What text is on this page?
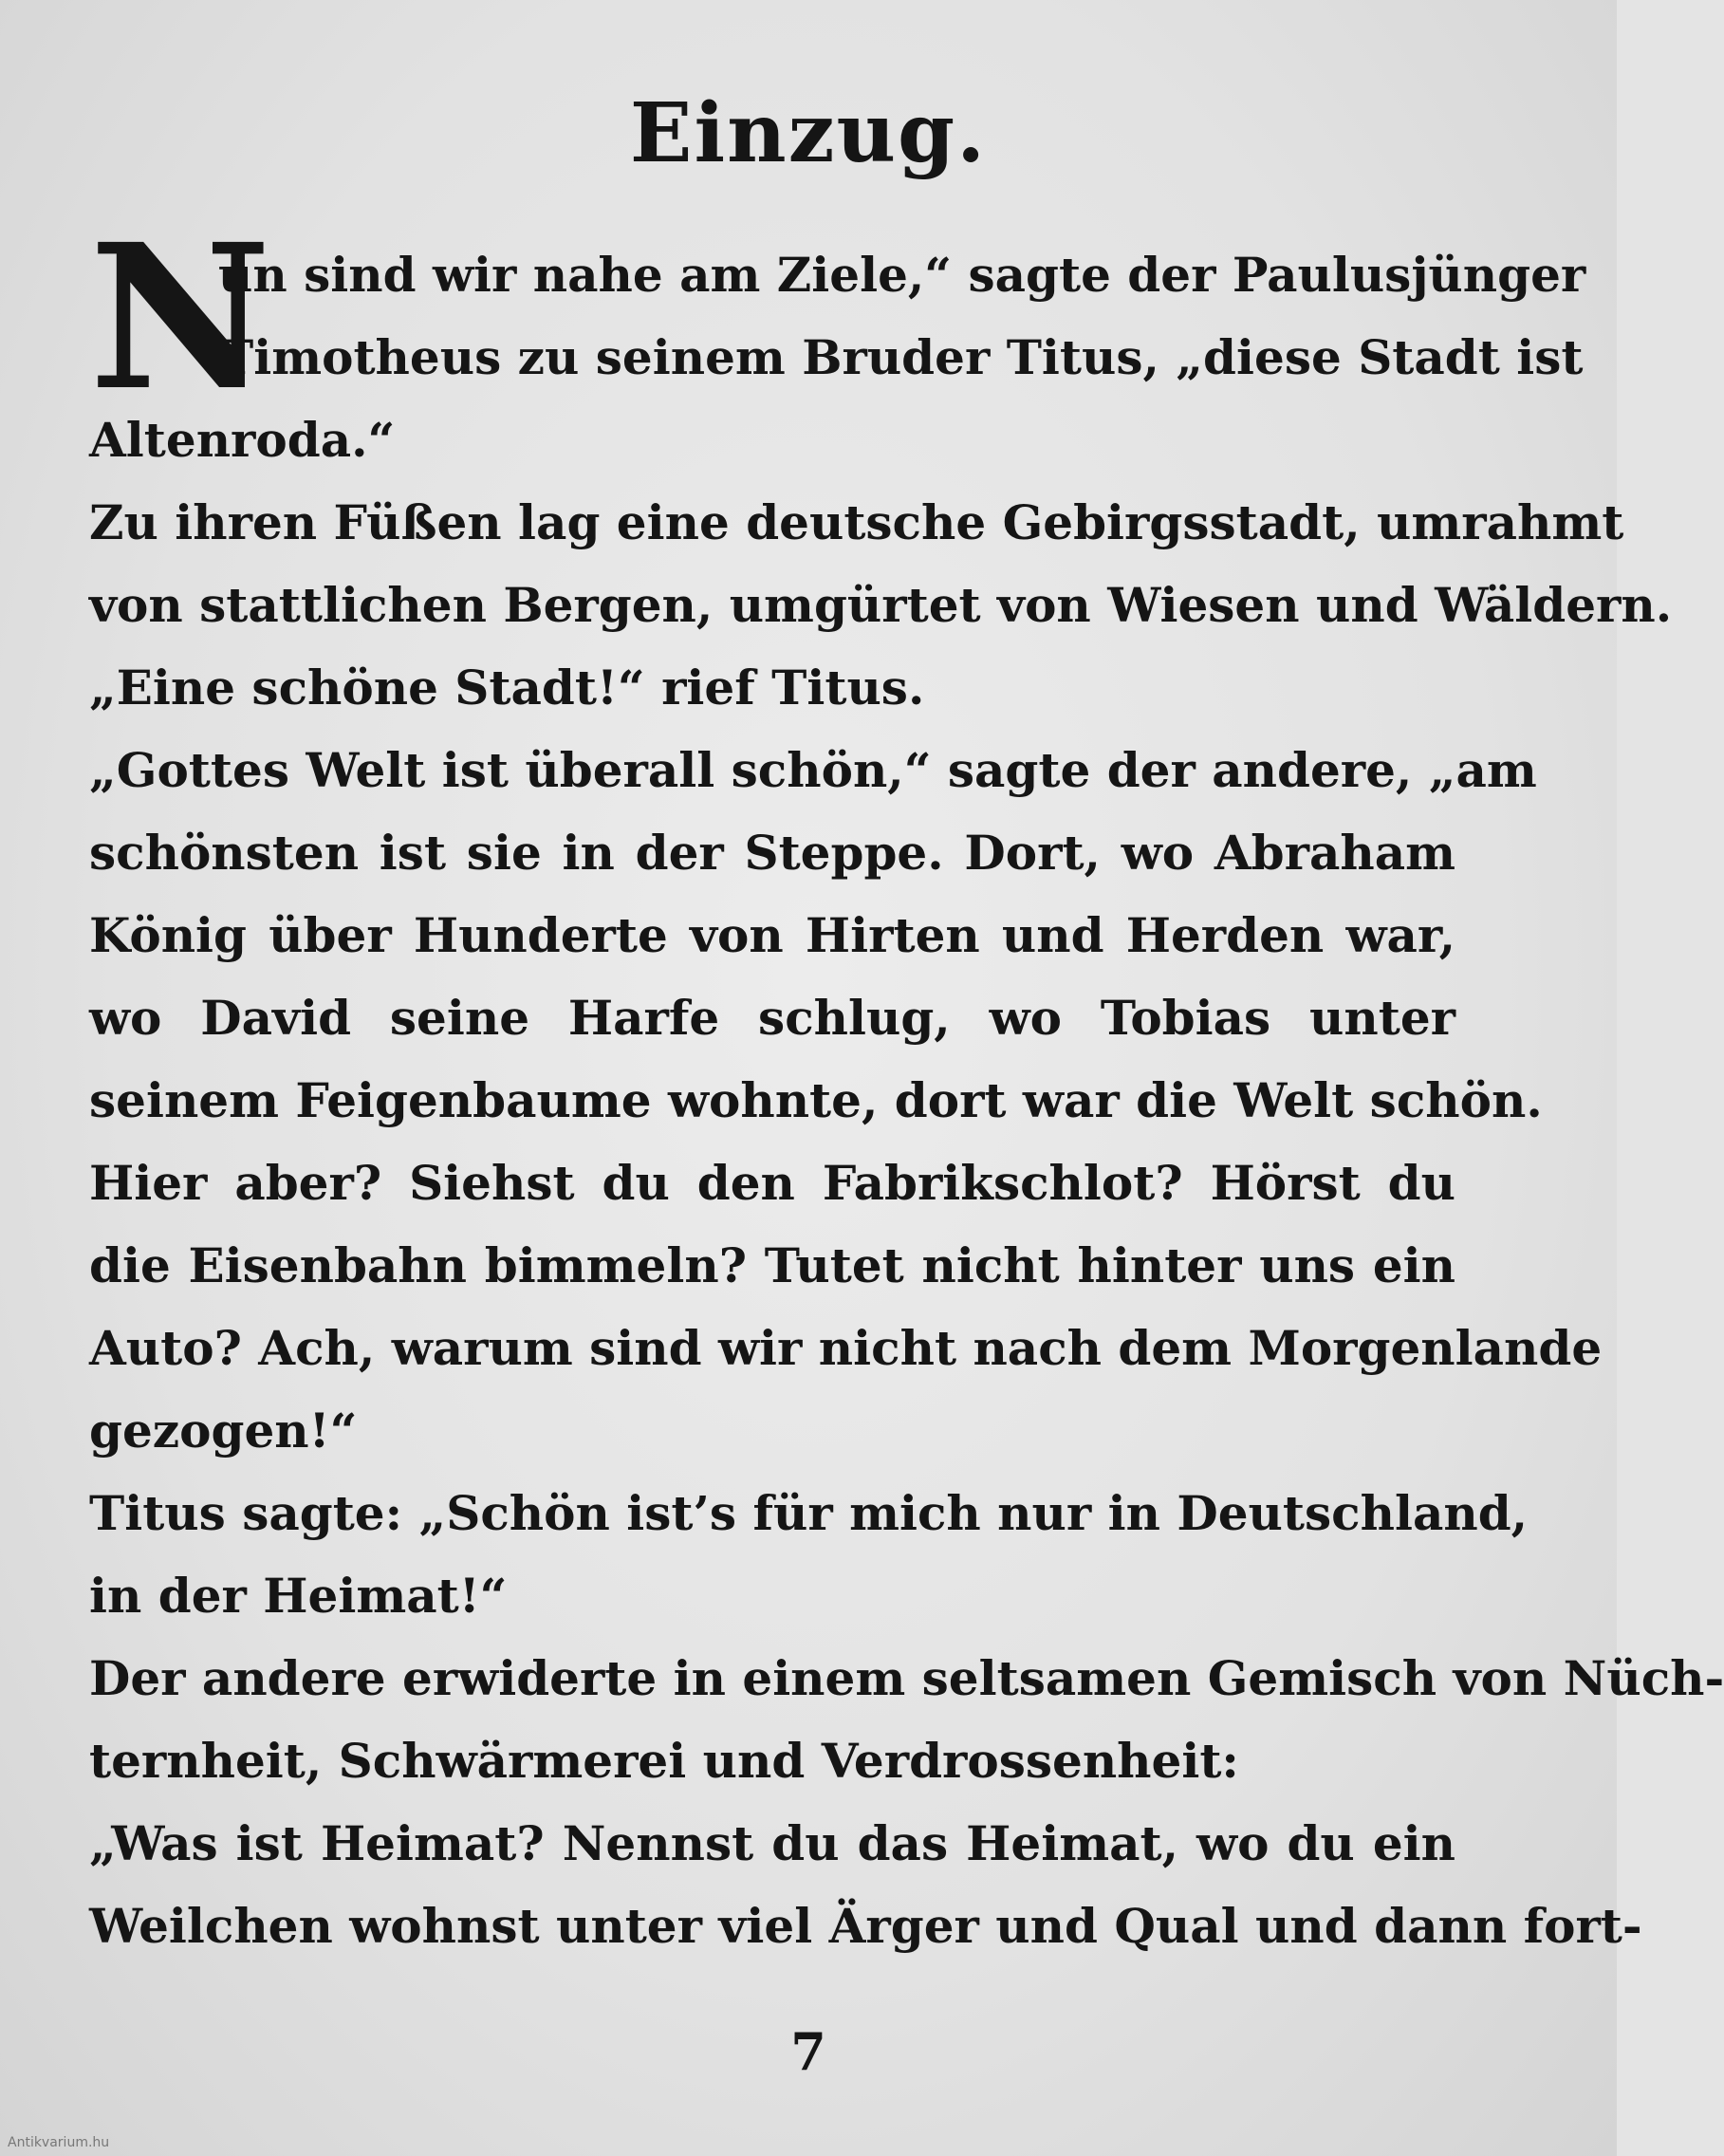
Einzug.
N
un sind wir nahe am Ziele,“ sagte der Paulusjünger
Timotheus zu seinem Bruder Titus, „diese Stadt ist
Altenroda.“
Zu ihren Füßen lag eine deutsche Gebirgsstadt, umrahmt
von stattlichen Bergen, umgürtet von Wiesen und Wäldern.
„Eine schöne Stadt!“ rief Titus.
„Gottes Welt ist überall schön,“ sagte der andere, „am
schönsten ist sie in der Steppe. Dort, wo Abraham
König über Hunderte von Hirten und Herden war,
wo David seine Harfe schlug, wo Tobias unter
seinem Feigenbaume wohnte, dort war die Welt schön.
Hier aber? Siehst du den Fabrikschlot? Hörst du
die Eisenbahn bimmeln? Tutet nicht hinter uns ein
Auto? Ach, warum sind wir nicht nach dem Morgenlande
gezogen!“
Titus sagte: „Schön ist’s für mich nur in Deutschland,
in der Heimat!“
Der andere erwiderte in einem seltsamen Gemisch von Nüch-
ternheit, Schwärmerei und Verdrossenheit:
„Was ist Heimat? Nennst du das Heimat, wo du ein
Weilchen wohnst unter viel Ärger und Qual und dann fort-
7
Antikvarium.hu
